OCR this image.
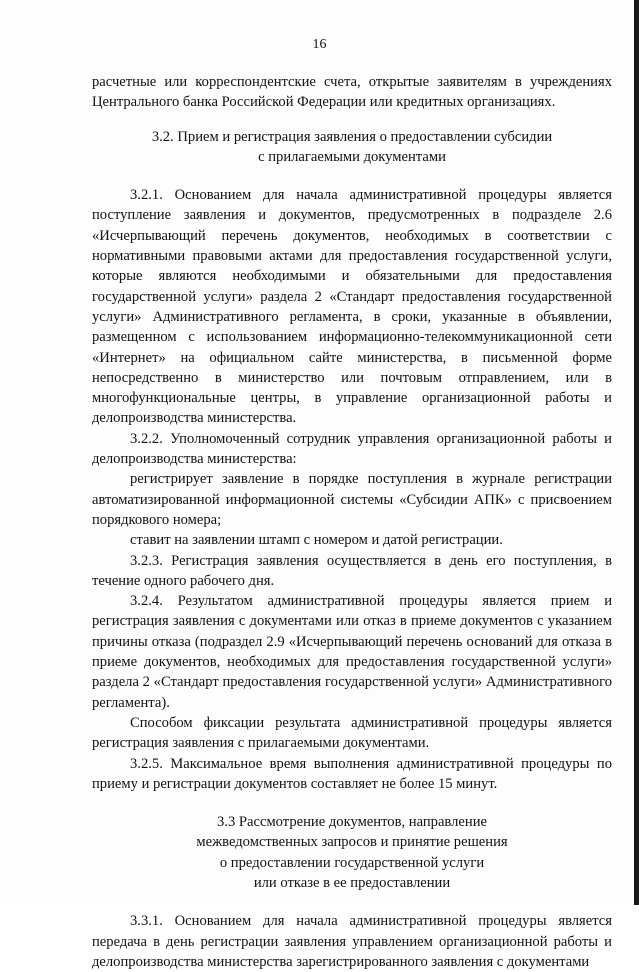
16

расчетные или корреспондентские счета, открытые заявителям в учреждениях Центрального банка Российской Федерации или кредитных организациях.

3.2. Прием и регистрация заявления о предоставлении субсидии

с прилагаемыми документами

3.2.1. Основанием для начала административной процедуры является поступление заявления и документов, предусмотренных в подразделе 2.6 «Исчерпывающий перечень документов, необходимых в соответствии с нормативными правовыми актами для предоставления государственной услуги, которые являются необходимыми и обязательными для предоставления государственной услуги» раздела 2 «Стандарт предоставления государственной услуги» Административного регламента, в сроки, указанные в объявлении, размещенном с использованием информационно-телекоммуникационной сети «Интернет» на официальном сайте министерства, в письменной форме непосредственно в министерство или почтовым отправлением, или в многофункциональные центры, в управление организационной работы и делопроизводства министерства.

3.2.2. Уполномоченный сотрудник управления организационной работы и делопроизводства министерства:

регистрирует заявление в порядке поступления в журнале регистрации автоматизированной информационной системы «Субсидии АПК» с присвоением порядкового номера;

ставит на заявлении штамп с номером и датой регистрации.

3.2.3. Регистрация заявления осуществляется в день его поступления, в течение одного рабочего дня.

3.2.4. Результатом административной процедуры является прием и регистрация заявления с документами или отказ в приеме документов с указанием причины отказа (подраздел 2.9 «Исчерпывающий перечень оснований для отказа в приеме документов, необходимых для предоставления государственной услуги» раздела 2 «Стандарт предоставления государственной услуги» Административного регламента).

Способом фиксации результата административной процедуры является регистрация заявления с прилагаемыми документами.

3.2.5. Максимальное время выполнения административной процедуры по приему и регистрации документов составляет не более 15 минут.

3.3 Рассмотрение документов, направление

межведомственных запросов и принятие решения

о предоставлении государственной услуги

или отказе в ее предоставлении

3.3.1. Основанием для начала административной процедуры является передача в день регистрации заявления управлением организационной работы и делопроизводства министерства зарегистрированного заявления с документами
